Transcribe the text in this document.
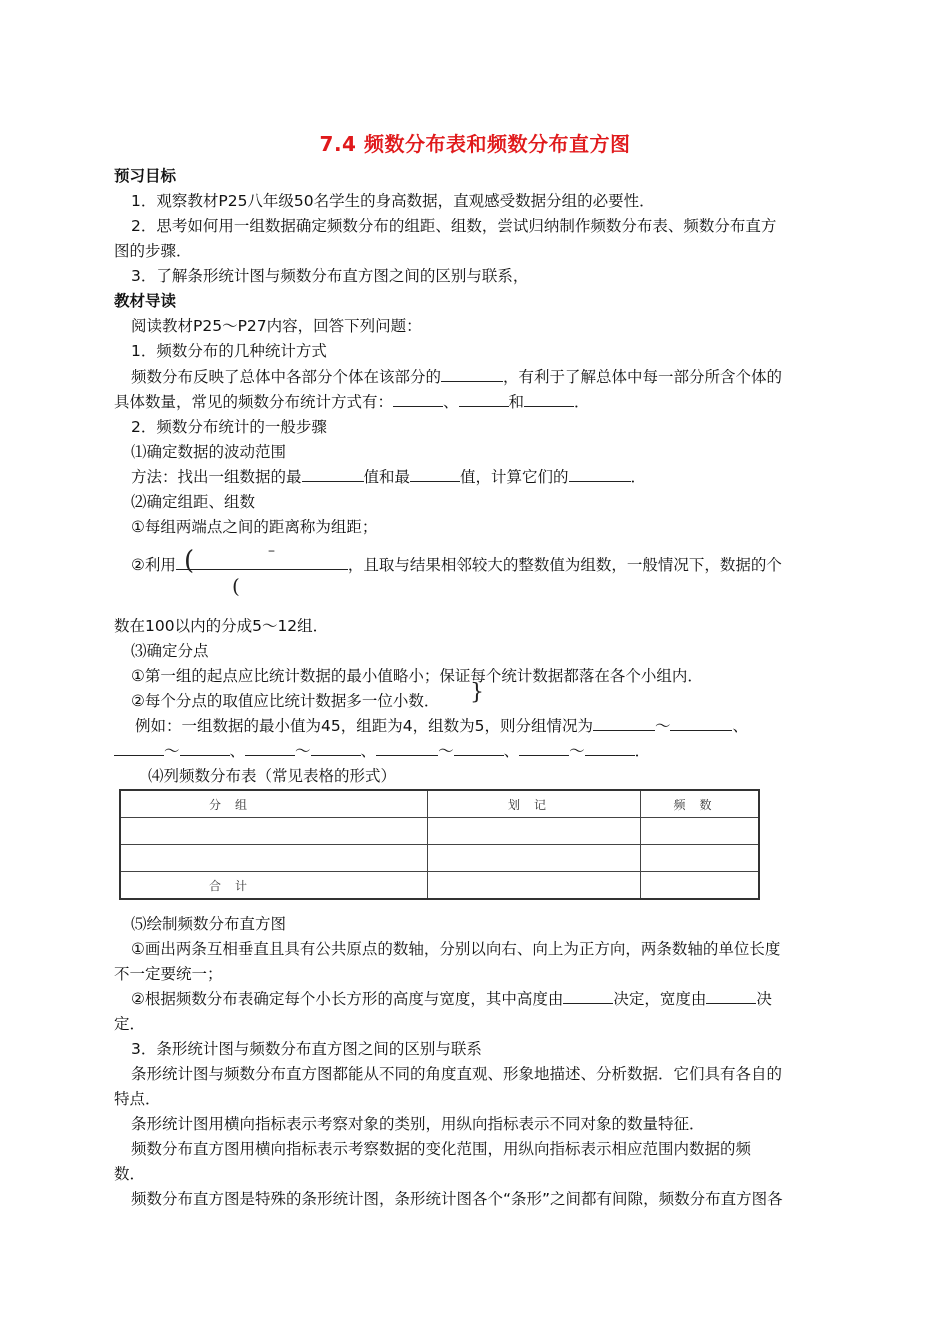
7.4 频数分布表和频数分布直方图
预习目标
1．观察教材P25八年级50名学生的身高数据，直观感受数据分组的必要性．
2．思考如何用一组数据确定频数分布的组距、组数，尝试归纳制作频数分布表、频数分布直方
图的步骤．
3．了解条形统计图与频数分布直方图之间的区别与联系，
教材导读
阅读教材P25～P27内容，回答下列问题：
1．频数分布的几种统计方式
频数分布反映了总体中各部分个体在该部分的	，有利于了解总体中每一部分所含个体的
具体数量，常见的频数分布统计方式有：	、	和	．
2．频数分布统计的一般步骤
⑴确定数据的波动范围
方法：找出一组数据的最	值和最	值，计算它们的	．
⑵确定组距、组数
①每组两端点之间的距离称为组距；
②利用	，且取与结果相邻较大的整数值为组数，一般情况下，数据的个
(	–
(
数在100以内的分成5～12组．
⑶确定分点
①第一组的起点应比统计数据的最小值略小；保证每个统计数据都落在各个小组内．
②每个分点的取值应比统计数据多一位小数． }
例如：一组数据的最小值为45，组距为4，组数为5，则分组情况为	～	、
～	、	～	、	～	、	～	．
⑷列频数分布表（常见表格的形式）
分组	划记	频数

合计		
⑸绘制频数分布直方图
①画出两条互相垂直且具有公共原点的数轴，分别以向右、向上为正方向，两条数轴的单位长度
不一定要统一；
②根据频数分布表确定每个小长方形的高度与宽度，其中高度由	决定，宽度由	决
定．
3．条形统计图与频数分布直方图之间的区别与联系
条形统计图与频数分布直方图都能从不同的角度直观、形象地描述、分析数据．它们具有各自的
特点．
条形统计图用横向指标表示考察对象的类别，用纵向指标表示不同对象的数量特征．
频数分布直方图用横向指标表示考察数据的变化范围，用纵向指标表示相应范围内数据的频
数．
频数分布直方图是特殊的条形统计图，条形统计图各个“条形”之间都有间隙，频数分布直方图各
